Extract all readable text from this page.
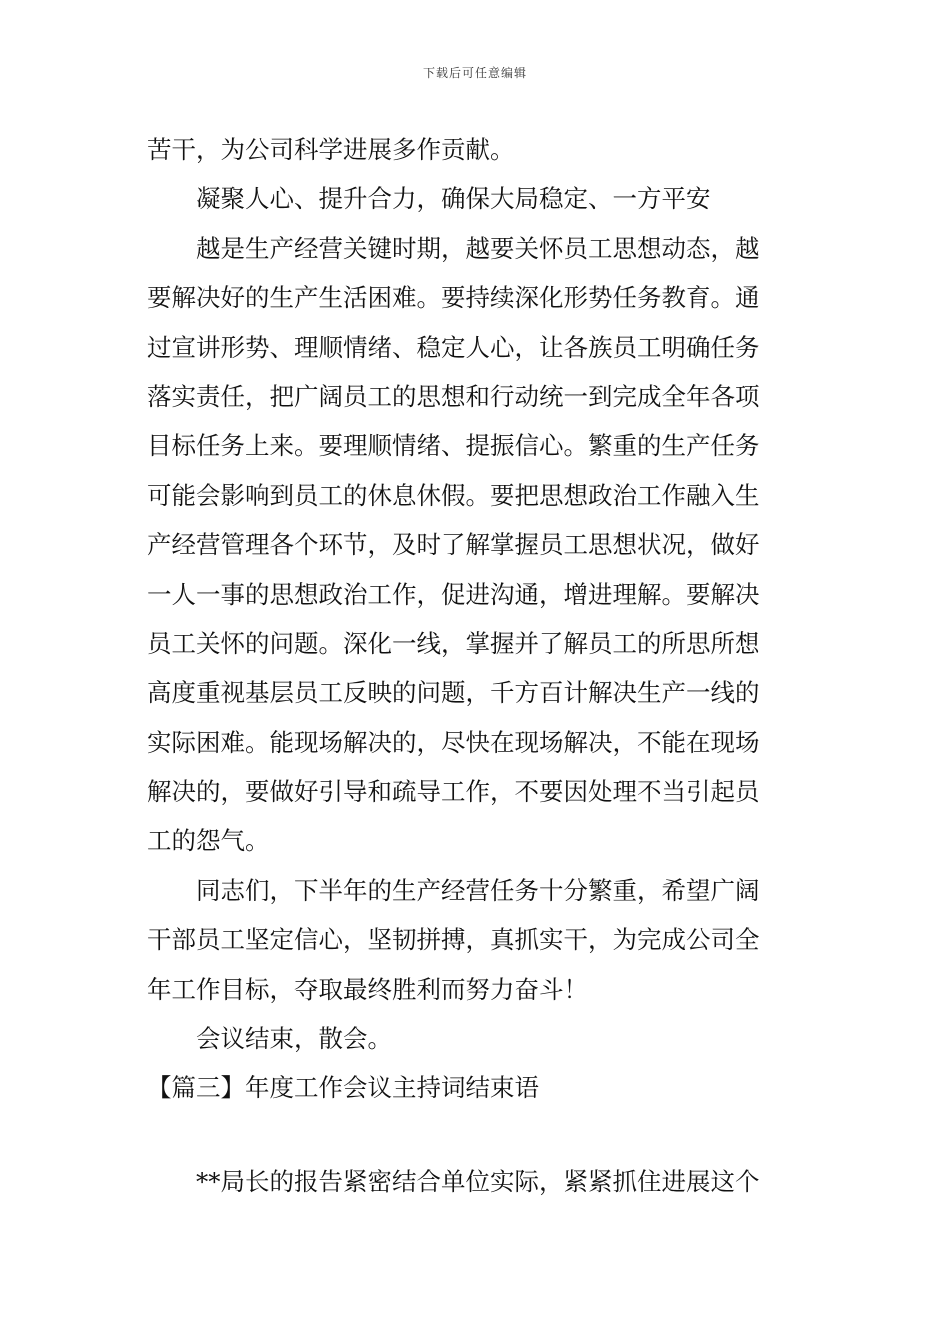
下载后可任意编辑
苦干，为公司科学进展多作贡献。
凝聚人心、提升合力，确保大局稳定、一方平安
越是生产经营关键时期，越要关怀员工思想动态，越
要解决好的生产生活困难。要持续深化形势任务教育。通
过宣讲形势、理顺情绪、稳定人心，让各族员工明确任务
落实责任，把广阔员工的思想和行动统一到完成全年各项
目标任务上来。要理顺情绪、提振信心。繁重的生产任务
可能会影响到员工的休息休假。要把思想政治工作融入生
产经营管理各个环节，及时了解掌握员工思想状况，做好
一人一事的思想政治工作，促进沟通，增进理解。要解决
员工关怀的问题。深化一线，掌握并了解员工的所思所想
高度重视基层员工反映的问题，千方百计解决生产一线的
实际困难。能现场解决的，尽快在现场解决，不能在现场
解决的，要做好引导和疏导工作，不要因处理不当引起员
工的怨气。
同志们，下半年的生产经营任务十分繁重，希望广阔
干部员工坚定信心，坚韧拼搏，真抓实干，为完成公司全
年工作目标，夺取最终胜利而努力奋斗！
会议结束，散会。
【篇三】年度工作会议主持词结束语
**局长的报告紧密结合单位实际，紧紧抓住进展这个
